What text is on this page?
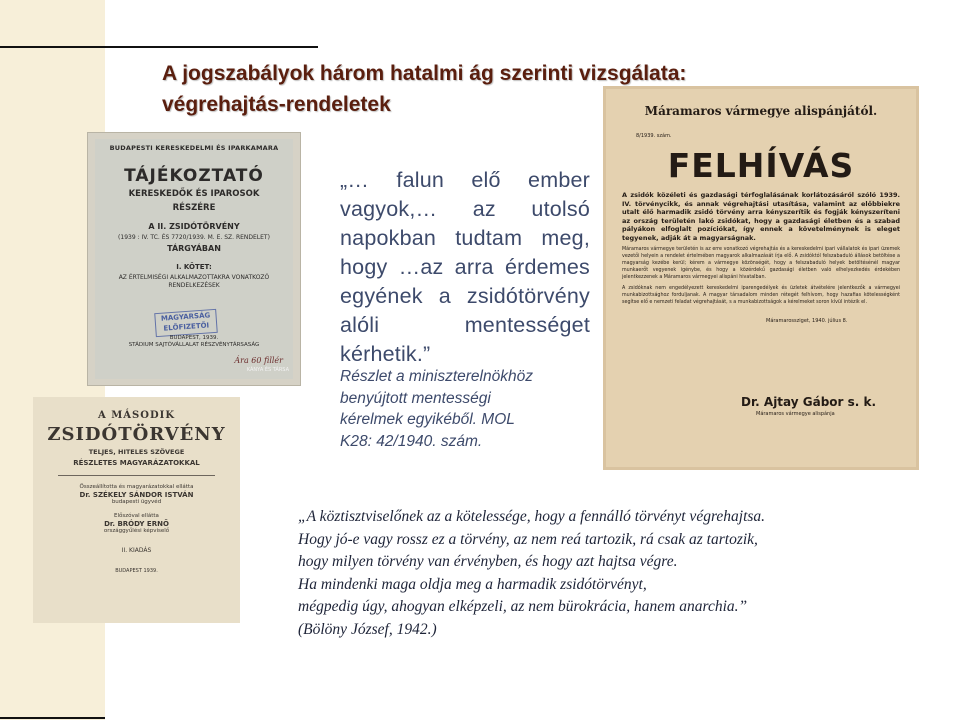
A jogszabályok három hatalmi ág szerinti vizsgálata:
végrehajtás-rendeletek
BUDAPESTI KERESKEDELMI ÉS IPARKAMARA
TÁJÉKOZTATÓ
KERESKEDŐK ÉS IPAROSOK
RÉSZÉRE
A II. ZSIDÓTÖRVÉNY
(1939 : IV. TC. ÉS 7720/1939. M. E. SZ. RENDELET)
TÁRGYÁBAN
I. KÖTET:
AZ ÉRTELMISÉGI ALKALMAZOTTAKRA VONATKOZÓ RENDELKEZÉSEK
MAGYARSÁG
ELŐFIZETŐI
BUDAPEST, 1939.
STÁDIUM SAJTÓVÁLLALAT RÉSZVÉNYTÁRSASÁG
Ára 60 fillér
KÁNYA ÉS TÁRSA
A MÁSODIK
ZSIDÓTÖRVÉNY
TELJES, HITELES SZÖVEGE
RÉSZLETES MAGYARÁZATOKKAL
Összeállította és magyarázatokkal ellátta
Dr. SZÉKELY SÁNDOR ISTVÁN
budapesti ügyvéd
Előszóval ellátta
Dr. BRÓDY ERNŐ
országgyűlési képviselő
II. KIADÁS
BUDAPEST 1939.
Máramaros vármegye alispánjától.
8/1939. szám.
FELHÍVÁS
A zsidók közéleti és gazdasági térfoglalásának korlátozásáról szóló 1939. IV. törvénycikk, és annak végrehajtási utasítása, valamint az előbbiekre utalt élő harmadik zsidó törvény arra kényszerítik és fogják kényszeríteni az ország területén lakó zsidókat, hogy a gazdasági életben és a szabad pályákon elfoglalt pozíciókat, így ennek a követelménynek is eleget tegyenek, adják át a magyarságnak.
Máramaros vármegye területén is az erre vonatkozó végrehajtás és a kereskedelmi ipari vállalatok és ipari üzemek vezetői helyein a rendelet értelmében magyarok alkalmazását írja elő. A zsidóktól felszabaduló állások betöltése a magyarság kezébe kerül; kérem a vármegye közönségét, hogy a felszabaduló helyek betöltésénél magyar munkaerőt vegyenek igénybe, és hogy a közérdekű gazdasági életben való elhelyezkedés érdekében jelentkezzenek a Máramaros vármegyei alispáni hivatalban.
A zsidóknak nem engedélyezett kereskedelmi iparengedélyek és üzletek átvételére jelentkezők a vármegyei munkabizottsághoz forduljanak. A magyar társadalom minden rétegét felhívom, hogy hazafias kötelességként segítse elő e nemzeti feladat végrehajtását, s a munkabizottságok a kérelmeket soron kívül intézik el.
Máramarossziget, 1940. július 8.
Dr. Ajtay Gábor s. k.
Máramaros vármegye alispánja

„… falun elő ember vagyok,… az utolsó napokban tudtam meg, hogy …az arra érdemes egyének a zsidótörvény alóli mentességet kérhetik.”

Részlet a miniszterelnökhöz
benyújtott mentességi
kérelmek egyikéből. MOL
K28: 42/1940. szám.

„A köztisztviselőnek az a kötelessége, hogy a fennálló törvényt végrehajtsa.
Hogy jó-e vagy rossz ez a törvény, az nem reá tartozik, rá csak az tartozik,
hogy milyen törvény van érvényben, és hogy azt hajtsa végre.
Ha mindenki maga oldja meg a harmadik zsidótörvényt,
mégpedig úgy, ahogyan elképzeli, az nem bürokrácia, hanem anarchia.”
(Bölöny József, 1942.)
